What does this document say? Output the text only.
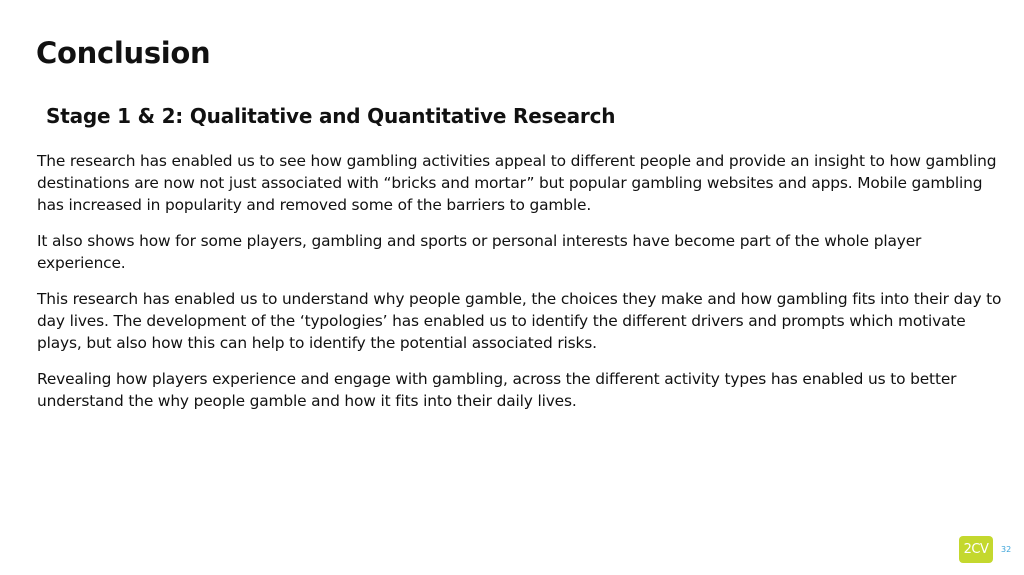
Conclusion
Stage 1 & 2: Qualitative and Quantitative Research

The research has enabled us to see how gambling activities appeal to different people and provide an insight to how gambling destinations are now not just associated with “bricks and mortar” but popular gambling websites and apps. Mobile gambling has increased in popularity and removed some of the barriers to gamble.

It also shows how for some players, gambling and sports or personal interests have become part of the whole player experience.

This research has enabled us to understand why people gamble, the choices they make and how gambling fits into their day to day lives. The development of the ‘typologies’ has enabled us to identify the different drivers and prompts which motivate plays, but also how this can help to identify the potential associated risks.

Revealing how players experience and engage with gambling, across the different activity types has enabled us to better understand the why people gamble and how it fits into their daily lives.

2CV 32
